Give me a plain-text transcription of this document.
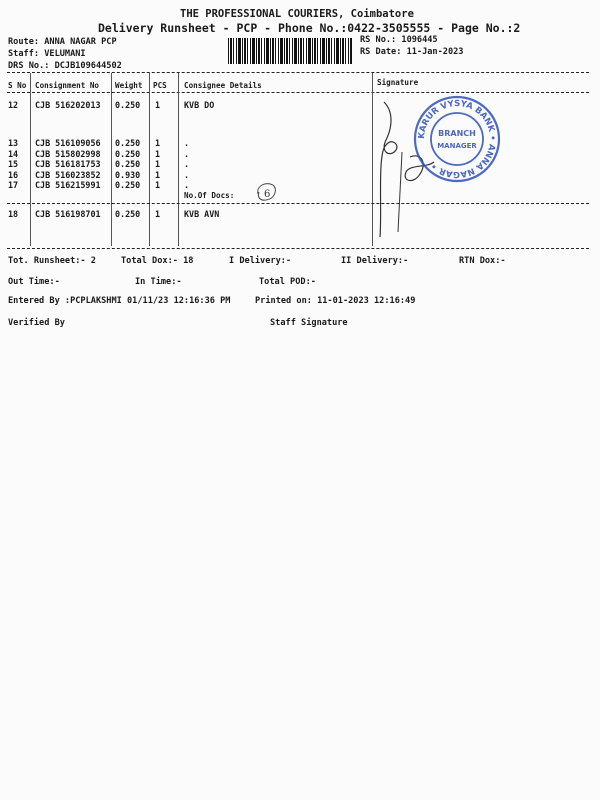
THE PROFESSIONAL COURIERS, Coimbatore
Delivery Runsheet - PCP - Phone No.:0422-3505555 - Page No.:2
Route: ANNA NAGAR PCP
Staff: VELUMANI
DRS No.: DCJB109644502
RS No.: 1096445
RS Date: 11-Jan-2023
S No Consignment No Weight PCS Consignee Details	Signature
12 CJB 516202013 0.250 1	KVB DO
13 CJB 516109056 0.250 1	.
14 CJB 515802998 0.250 1	.
15 CJB 516181753 0.250 1	.
16 CJB 516023852 0.930 1	.
17 CJB 516215991 0.250 1	.
No.Of Docs:	6
18 CJB 516198701 0.250 1	KVB AVN
KARUR VYSYA BANK • ANNA NAGAR •
BRANCH
MANAGER
Tot. Runsheet:- 2	Total Dox:- 18	I Delivery:-	II Delivery:-	RTN Dox:-
Out Time:-	In Time:-	Total POD:-
Entered By :PCPLAKSHMI 01/11/23 12:16:36 PM	Printed on: 11-01-2023 12:16:49
Verified By	Staff Signature
